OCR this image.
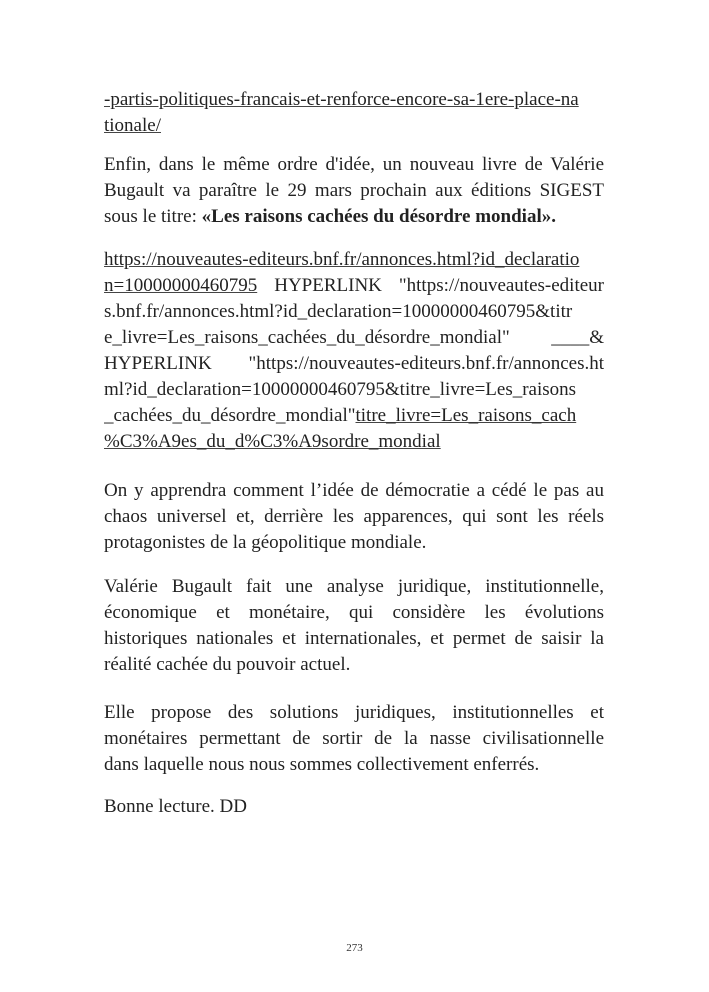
-partis-politiques-francais-et-renforce-encore-sa-1ere-place-na
tionale/
Enfin, dans le même ordre d'idée, un nouveau livre de Valérie
Bugault va paraître le 29 mars prochain aux éditions SIGEST
sous le titre: «Les raisons cachées du désordre mondial».
https://nouveautes-editeurs.bnf.fr/annonces.html?id_declaratio
n=10000000460795 HYPERLINK "https://nouveautes-editeur
s.bnf.fr/annonces.html?id_declaration=10000000460795&titr
e_livre=Les_raisons_cachées_du_désordre_mondial" ____&
HYPERLINK "https://nouveautes-editeurs.bnf.fr/annonces.ht
ml?id_declaration=10000000460795&titre_livre=Les_raisons
_cachées_du_désordre_mondial"titre_livre=Les_raisons_cach
%C3%A9es_du_d%C3%A9sordre_mondial
On y apprendra comment l’idée de démocratie a cédé le pas au
chaos universel et, derrière les apparences, qui sont les réels
protagonistes de la géopolitique mondiale.
Valérie Bugault fait une analyse juridique, institutionnelle,
économique et monétaire, qui considère les évolutions
historiques nationales et internationales, et permet de saisir la
réalité cachée du pouvoir actuel.
Elle propose des solutions juridiques, institutionnelles et
monétaires permettant de sortir de la nasse civilisationnelle
dans laquelle nous nous sommes collectivement enferrés.
Bonne lecture. DD
273
